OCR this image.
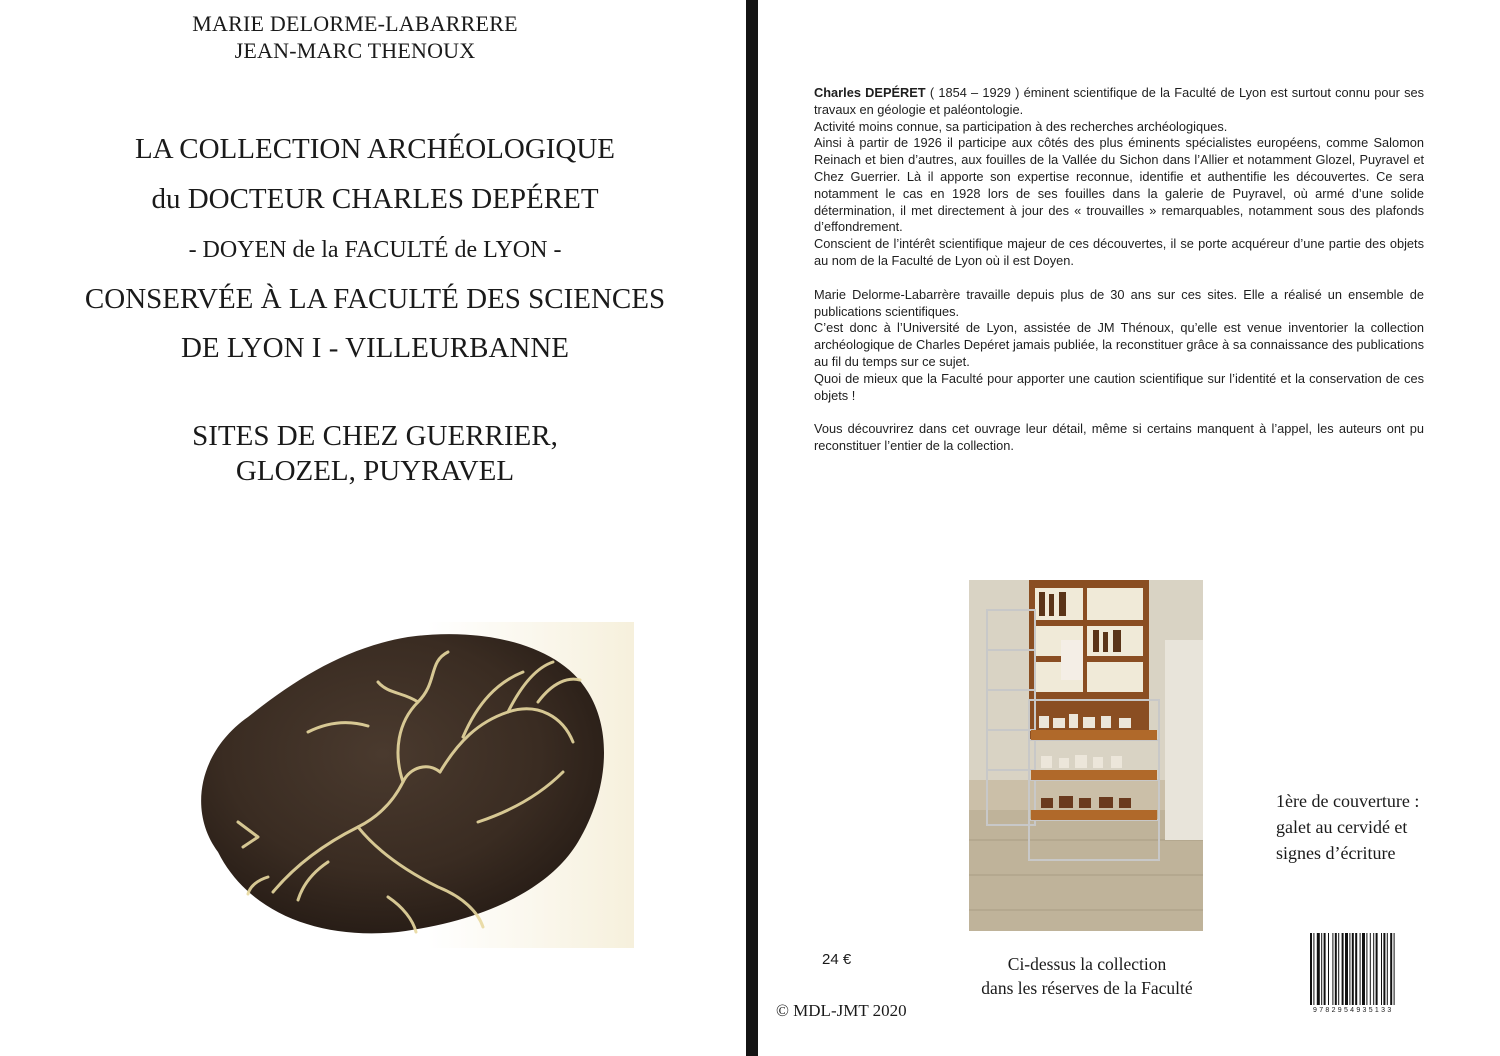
MARIE DELORME-LABARRERE
JEAN-MARC THENOUX
LA COLLECTION ARCHÉOLOGIQUE
du DOCTEUR CHARLES DEPÉRET
- DOYEN de la FACULTÉ de LYON -
CONSERVÉE À LA FACULTÉ DES SCIENCES
DE LYON I - VILLEURBANNE
SITES DE CHEZ GUERRIER,
GLOZEL, PUYRAVEL

Charles DEPÉRET ( 1854 – 1929 ) éminent scientifique de la Faculté de Lyon est surtout connu pour ses travaux en géologie et paléontologie.

Activité moins connue, sa participation à des recherches archéologiques.

Ainsi à partir de 1926 il participe aux côtés des plus éminents spécialistes européens, comme Salomon Reinach et bien d’autres, aux fouilles de la Vallée du Sichon dans l’Allier et notamment Glozel, Puyravel et Chez Guerrier. Là il apporte son expertise reconnue, identifie et authentifie les découvertes. Ce sera notamment le cas en 1928 lors de ses fouilles dans la galerie de Puyravel, où armé d’une solide détermination, il met directement à jour des « trouvailles » remarquables, notamment sous des plafonds d’effondrement.

Conscient de l’intérêt scientifique majeur de ces découvertes, il se porte acquéreur d’une partie des objets au nom de la Faculté de Lyon où il est Doyen.

Marie Delorme-Labarrère travaille depuis plus de 30 ans sur ces sites. Elle a réalisé un ensemble de publications scientifiques.

C’est donc à l’Université de Lyon, assistée de JM Thénoux, qu’elle est venue inventorier la collection archéologique de Charles Depéret jamais publiée, la reconstituer grâce à sa connaissance des publications au fil du temps sur ce sujet.

Quoi de mieux que la Faculté pour apporter une caution scientifique sur l’identité et la conservation de ces objets !

Vous découvrirez dans cet ouvrage leur détail, même si certains manquent à l’appel, les auteurs ont pu reconstituer l’entier de la collection.

1ère de couverture :
galet au cervidé et
signes d’écriture
24 €	Ci-dessus la collection
dans les réserves de la Faculté
© MDL-JMT 2020	9782954935133
